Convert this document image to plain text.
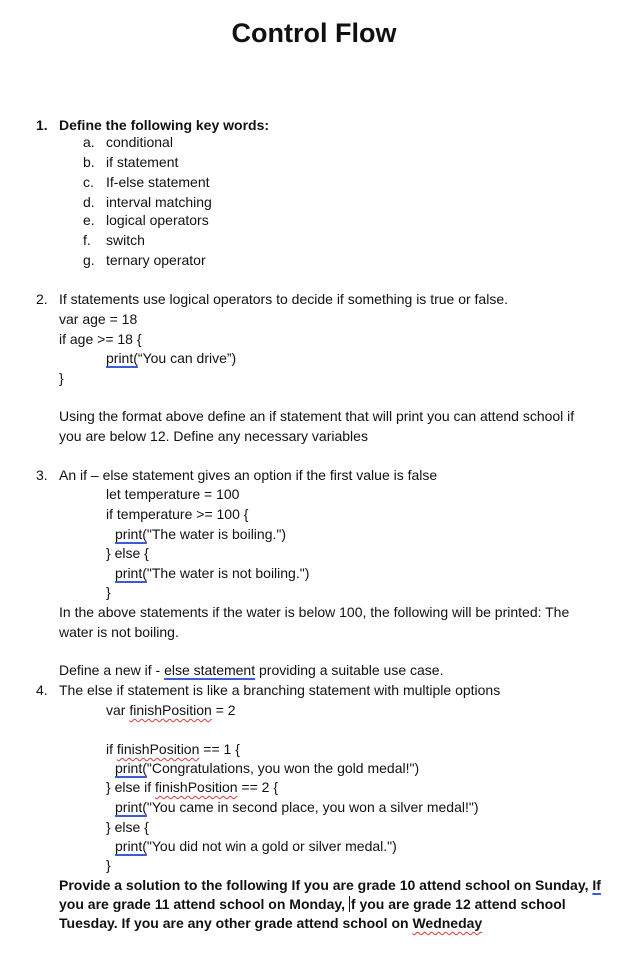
Control Flow
1. Define the following key words:
a. conditional
b. if statement
c. If-else statement
d. interval matching
e. logical operators
f. switch
g. ternary operator
2. If statements use logical operators to decide if something is true or false.
var age = 18
if age >= 18 {
print(“You can drive”)
}
Using the format above define an if statement that will print you can attend school if
you are below 12. Define any necessary variables
3. An if – else statement gives an option if the first value is false
let temperature = 100
if temperature >= 100 {
print("The water is boiling.")
} else {
print("The water is not boiling.")
}
In the above statements if the water is below 100, the following will be printed: The
water is not boiling.
Define a new if - else statement providing a suitable use case.
4. The else if statement is like a branching statement with multiple options
var finishPosition = 2
if finishPosition == 1 {
print("Congratulations, you won the gold medal!")
} else if finishPosition == 2 {
print("You came in second place, you won a silver medal!")
} else {
print("You did not win a gold or silver medal.")
}
Provide a solution to the following If you are grade 10 attend school on Sunday, If
you are grade 11 attend school on Monday, f you are grade 12 attend school
Tuesday. If you are any other grade attend school on Wedneday
